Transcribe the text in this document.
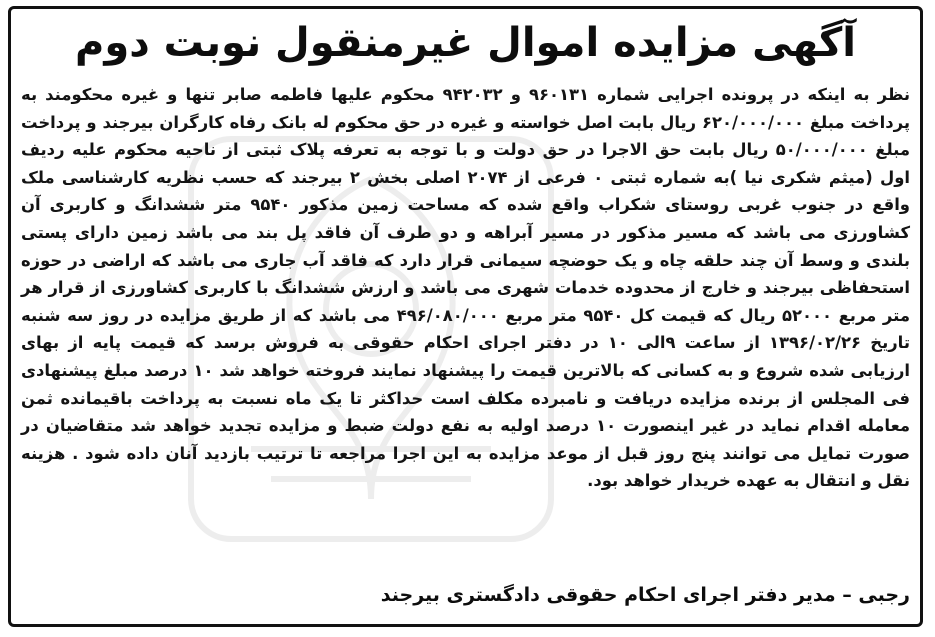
آگهی مزایده اموال غیرمنقول نوبت دوم

نظر به اینکه در پرونده اجرایی شماره ۹۶۰۱۳۱ و ۹۴۲۰۳۲ محکوم علیها فاطمه صابر تنها و غیره محکومند به پرداخت مبلغ ۶۲۰/۰۰۰/۰۰۰ ریال بابت اصل خواسته و غیره در حق محکوم له بانک رفاه کارگران بیرجند و پرداخت مبلغ ۵۰/۰۰۰/۰۰۰ ریال بابت حق الاجرا در حق دولت و با توجه به تعرفه پلاک ثبتی از ناحیه محکوم علیه ردیف اول (میثم شکری نیا )به شماره ثبتی ۰ فرعی از ۲۰۷۴ اصلی بخش ۲ بیرجند که حسب نظریه کارشناسی ملک واقع در جنوب غربی روستای شکراب واقع شده که مساحت زمین مذکور ۹۵۴۰ متر ششدانگ و کاربری آن کشاورزی می باشد که مسیر مذکور در مسیر آبراهه و دو طرف آن فاقد پل بند می باشد زمین دارای پستی بلندی و وسط آن چند حلقه چاه و یک حوضچه سیمانی قرار دارد که فاقد آب جاری می باشد که اراضی در حوزه استحفاظی بیرجند و خارج از محدوده خدمات شهری می باشد و ارزش ششدانگ با کاربری کشاورزی از قرار هر متر مربع ۵۲۰۰۰ ریال که قیمت کل ۹۵۴۰ متر مربع ۴۹۶/۰۸۰/۰۰۰ می باشد که از طریق مزایده در روز سه شنبه تاریخ ۱۳۹۶/۰۲/۲۶ از ساعت ۹الی ۱۰ در دفتر اجرای احکام حقوقی به فروش برسد که قیمت پایه از بهای ارزیابی شده شروع و به کسانی که بالاترین قیمت را پیشنهاد نمایند فروخته خواهد شد ۱۰ درصد مبلغ پیشنهادی فی المجلس از برنده مزایده دریافت و نامبرده مکلف است حداکثر تا یک ماه نسبت به پرداخت باقیمانده ثمن معامله اقدام نماید در غیر اینصورت ۱۰ درصد اولیه به نفع دولت ضبط و مزایده تجدید خواهد شد متقاضیان در صورت تمایل می توانند پنج روز قبل از موعد مزایده به این اجرا مراجعه تا ترتیب بازدید آنان داده شود . هزینه نقل و انتقال به عهده خریدار خواهد بود.

رجبی – مدیر دفتر اجرای احکام حقوقی دادگستری بیرجند
